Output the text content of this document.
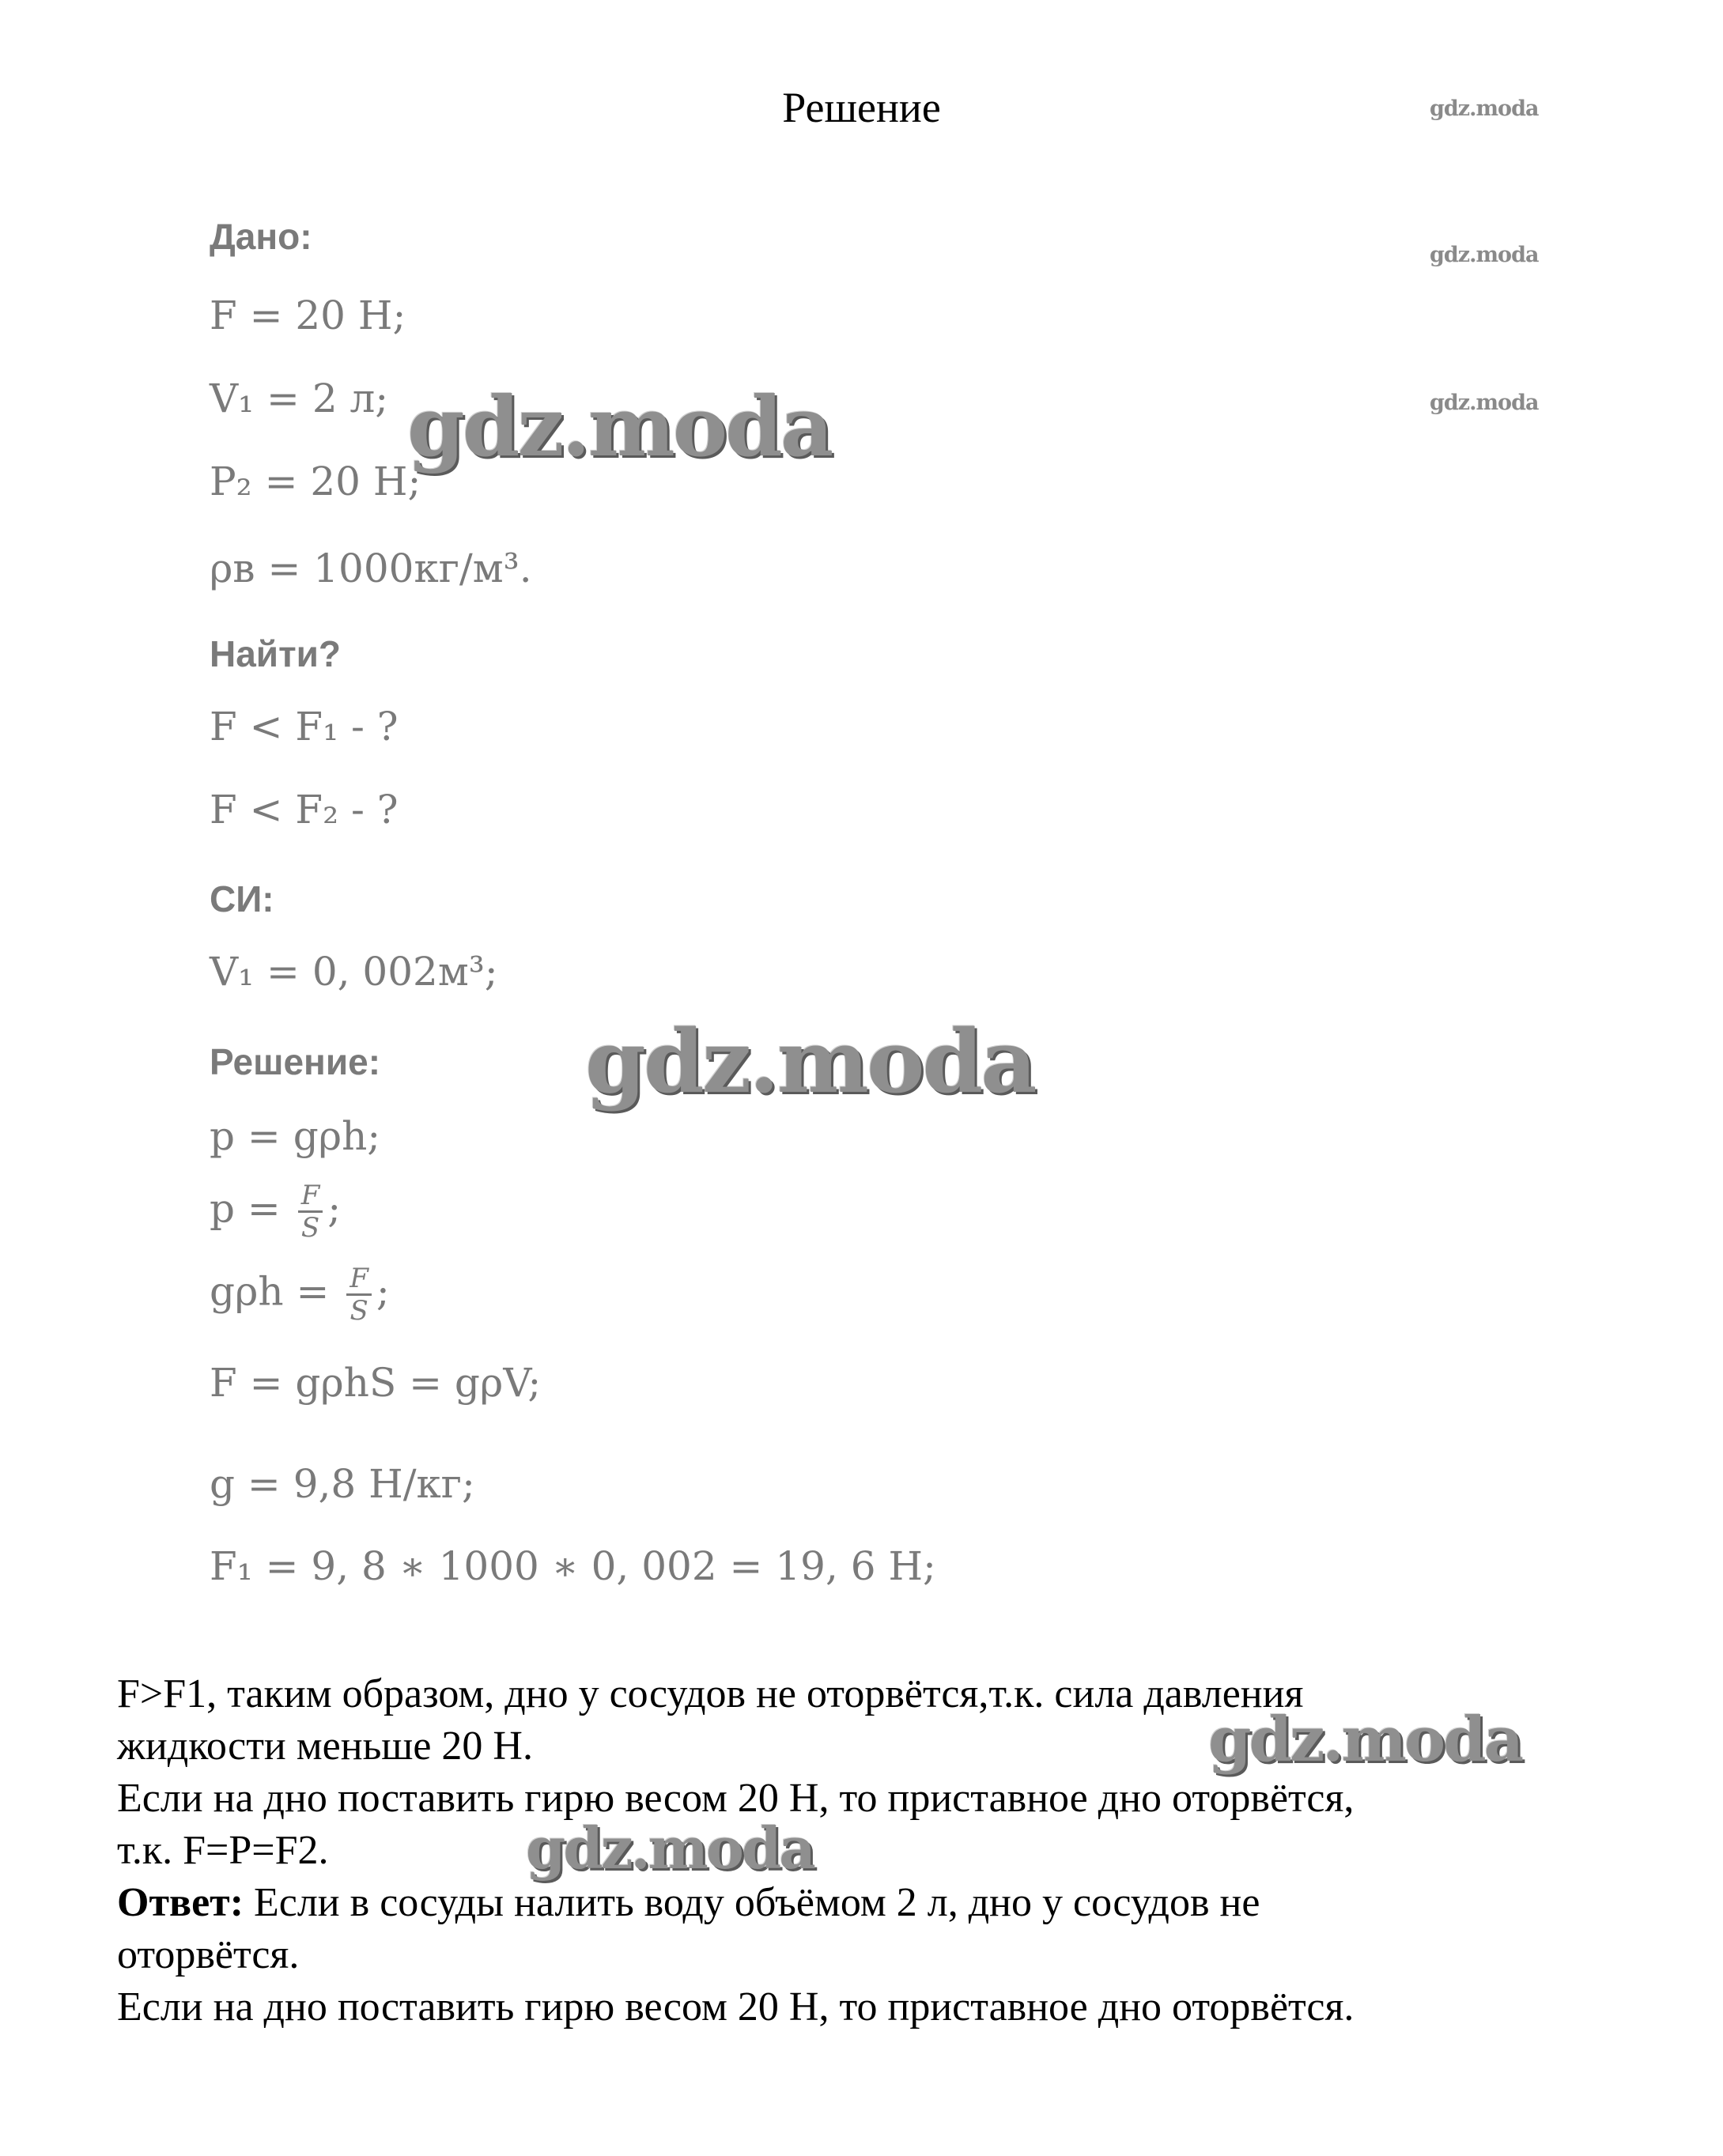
Решение	gdz.moda
gdz.moda
gdz.moda
Дано:
F = 20 Н;
V₁ = 2 л;
P₂ = 20 Н;
ρв = 1000кг/м³.
Найти?
F < F₁ - ?
F < F₂ - ?
СИ:
V₁ = 0, 002м³;
Решение:
p = gρh;
$p = \frac{F}{S}$ ;
$g\rho h = \frac{F}{S}$ ;
F = gρhS = gρV;
g = 9,8 Н/кг;
F₁ = 9, 8 ∗ 1000 ∗ 0, 002 = 19, 6 Н;
gdz.moda
gdz.moda
F>F1, таким образом, дно у сосудов не оторвётся,т.к. сила давления
жидкости меньше 20 Н.
Если на дно поставить гирю весом 20 Н, то приставное дно оторвётся,
т.к. F=P=F2.
Ответ: Если в сосуды налить воду объёмом 2 л, дно у сосудов не
оторвётся.
Если на дно поставить гирю весом 20 Н, то приставное дно оторвётся.
gdz.moda
gdz.moda
